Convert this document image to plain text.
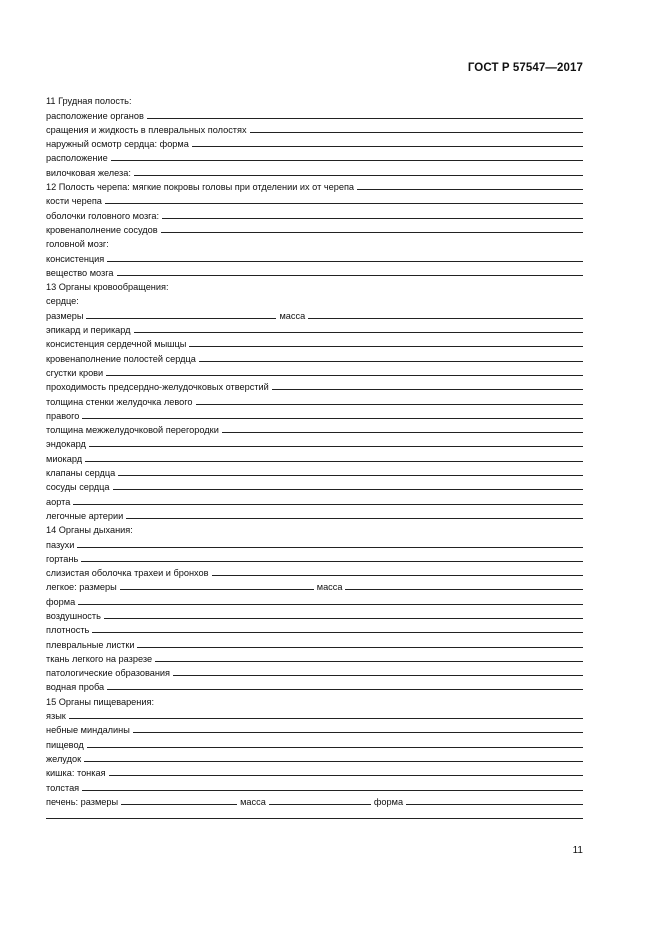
ГОСТ Р 57547—2017
11 Грудная полость:
расположение органов
сращения и жидкость в плевральных полостях
наружный осмотр сердца: форма
расположение
вилочковая железа:
12 Полость черепа: мягкие покровы головы при отделении их от черепа
кости черепа
оболочки головного мозга:
кровенаполнение сосудов
головной мозг:
консистенция
вещество мозга
13 Органы кровообращения:
сердце:
размеры	масса
эпикард и перикард
консистенция сердечной мышцы
кровенаполнение полостей сердца
сгустки крови
проходимость предсердно-желудочковых отверстий
толщина стенки желудочка левого
правого
толщина межжелудочковой перегородки
эндокард
миокард
клапаны сердца
сосуды сердца
аорта
легочные артерии
14 Органы дыхания:
пазухи
гортань
слизистая оболочка трахеи и бронхов
легкое: размеры	масса
форма
воздушность
плотность
плевральные листки
ткань легкого на разрезе
патологические образования
водная проба
15 Органы пищеварения:
язык
небные миндалины
пищевод
желудок
кишка: тонкая
толстая
печень: размеры	масса	форма
11
